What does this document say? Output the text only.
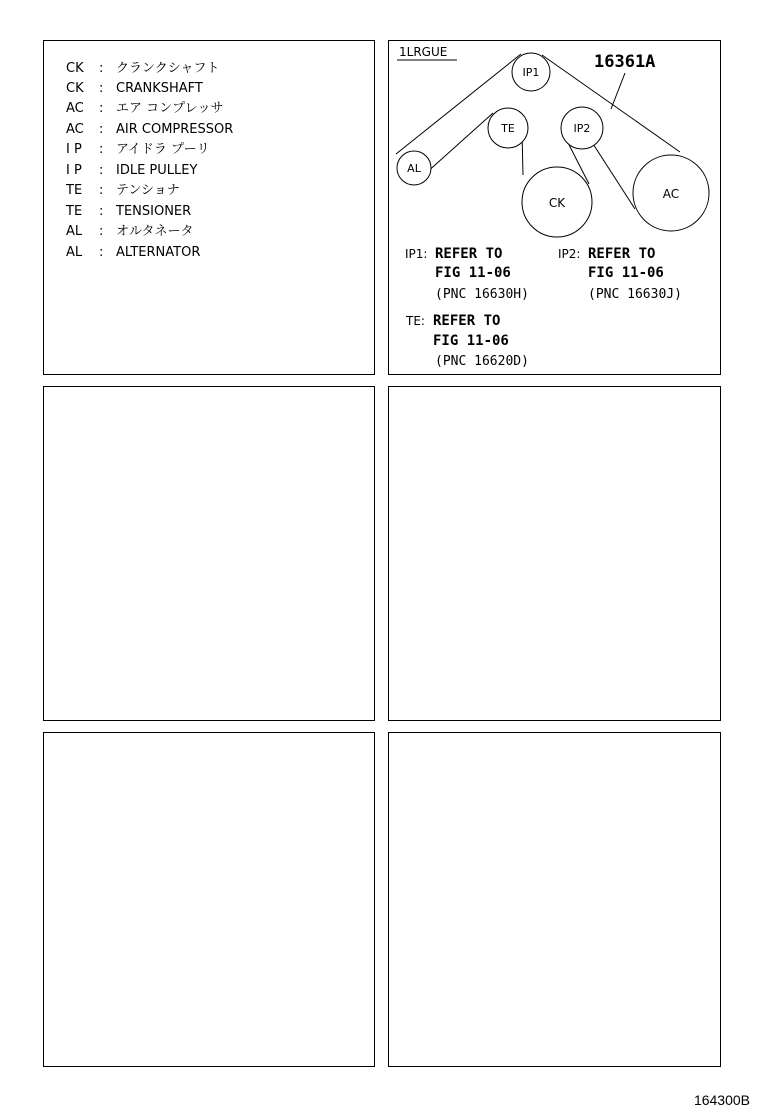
CK	: クランクシャフト
CK	: CRANKSHAFT
AC	: エア コンプレッサ
AC	: AIR COMPRESSOR
I P	: アイドラ プーリ
I P	: IDLE PULLEY
TE	: テンショナ
TE	: TENSIONER
AL	: オルタネータ
AL	: ALTERNATOR
1LRGUE	16361A
IP1
TE	IP2
AL
CK
AC
IP1: REFER TO
FIG 11-06
(PNC 16630H)
IP2: REFER TO
FIG 11-06
(PNC 16630J)
TE: REFER TO
FIG 11-06
(PNC 16620D)
164300B
